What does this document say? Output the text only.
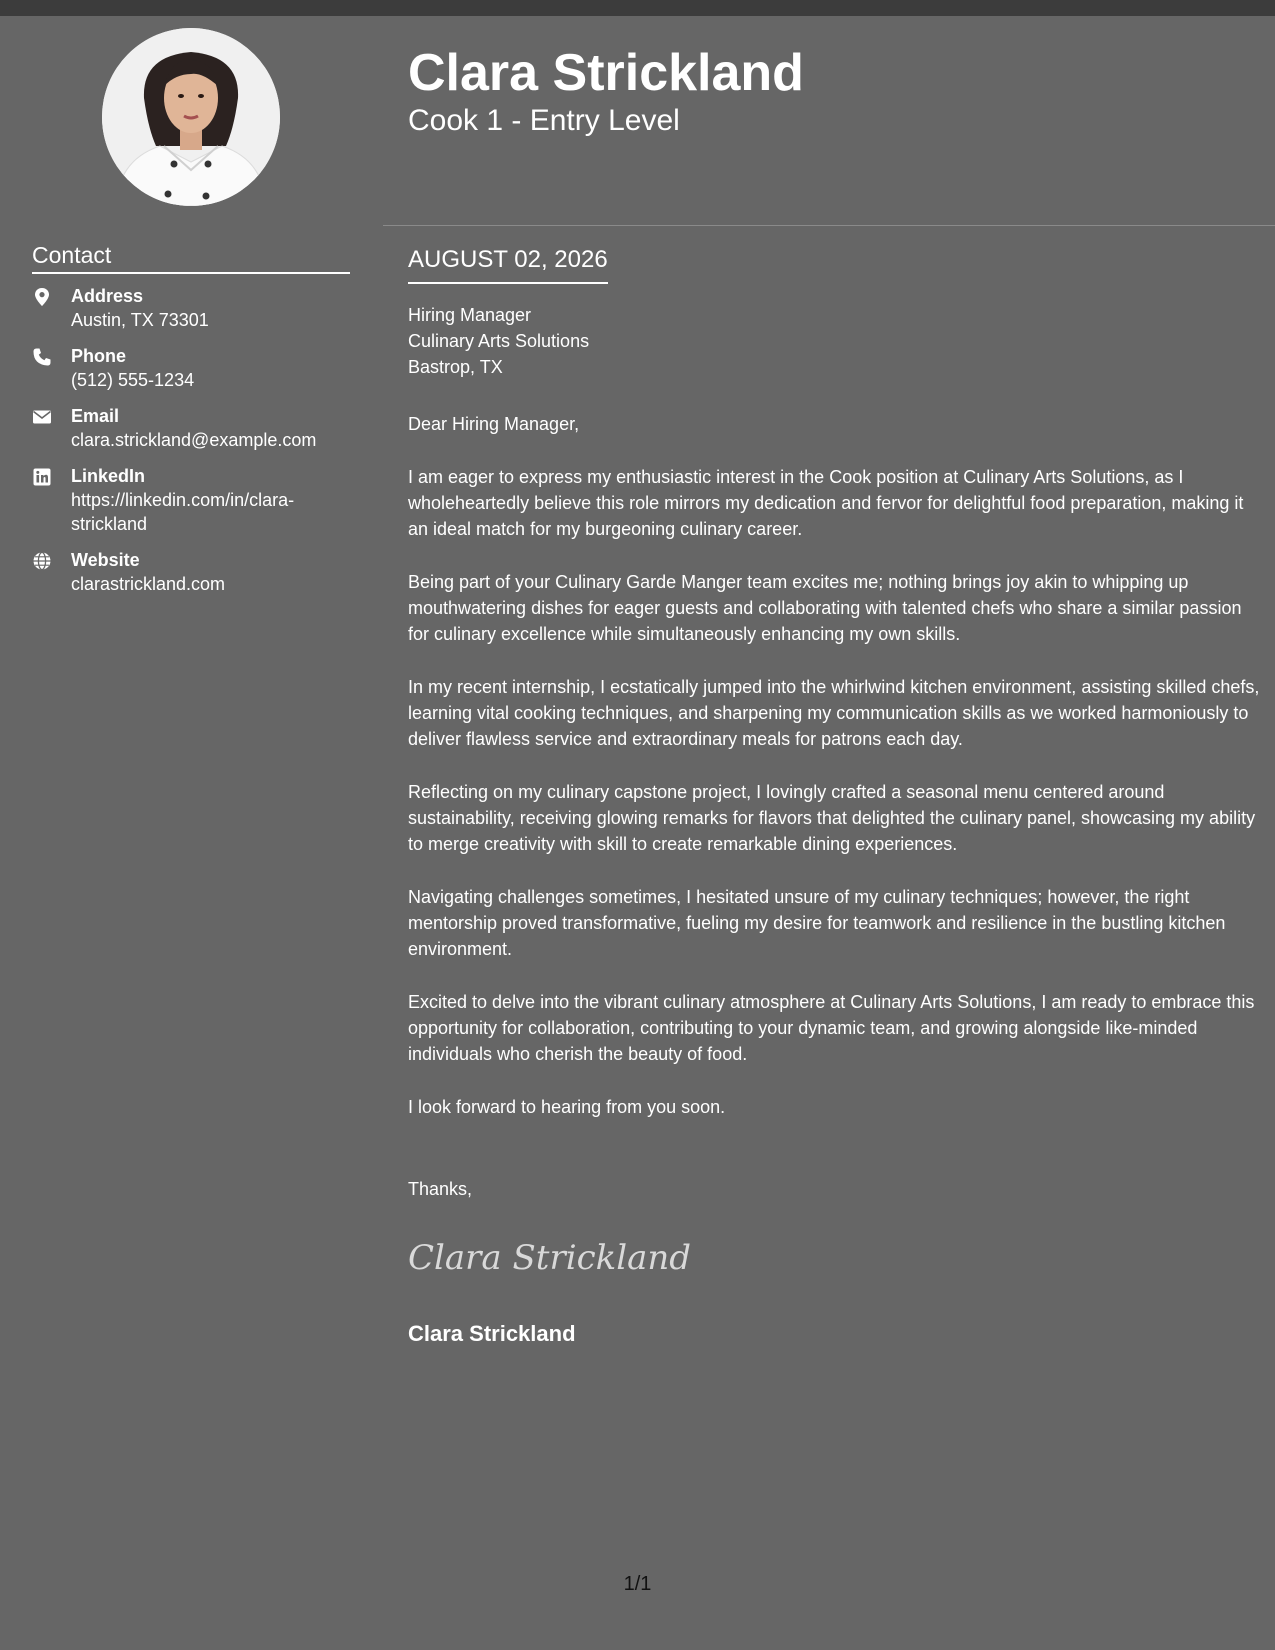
Contact
Address
Austin, TX 73301
Phone
(512) 555-1234
Email
clara.strickland@example.com
LinkedIn
https://linkedin.com/in/clara-strickland
Website
clarastrickland.com
Clara Strickland
Cook 1 - Entry Level
AUGUST 02, 2026
Hiring Manager
Culinary Arts Solutions
Bastrop, TX

Dear Hiring Manager,

I am eager to express my enthusiastic interest in the Cook position at Culinary Arts Solutions, as I wholeheartedly believe this role mirrors my dedication and fervor for delightful food preparation, making it an ideal match for my burgeoning culinary career.

Being part of your Culinary Garde Manger team excites me; nothing brings joy akin to whipping up mouthwatering dishes for eager guests and collaborating with talented chefs who share a similar passion for culinary excellence while simultaneously enhancing my own skills.

In my recent internship, I ecstatically jumped into the whirlwind kitchen environment, assisting skilled chefs, learning vital cooking techniques, and sharpening my communication skills as we worked harmoniously to deliver flawless service and extraordinary meals for patrons each day.

Reflecting on my culinary capstone project, I lovingly crafted a seasonal menu centered around sustainability, receiving glowing remarks for flavors that delighted the culinary panel, showcasing my ability to merge creativity with skill to create remarkable dining experiences.

Navigating challenges sometimes, I hesitated unsure of my culinary techniques; however, the right mentorship proved transformative, fueling my desire for teamwork and resilience in the bustling kitchen environment.

Excited to delve into the vibrant culinary atmosphere at Culinary Arts Solutions, I am ready to embrace this opportunity for collaboration, contributing to your dynamic team, and growing alongside like-minded individuals who cherish the beauty of food.

I look forward to hearing from you soon.

Thanks,
Clara Strickland
Clara Strickland
1/1
